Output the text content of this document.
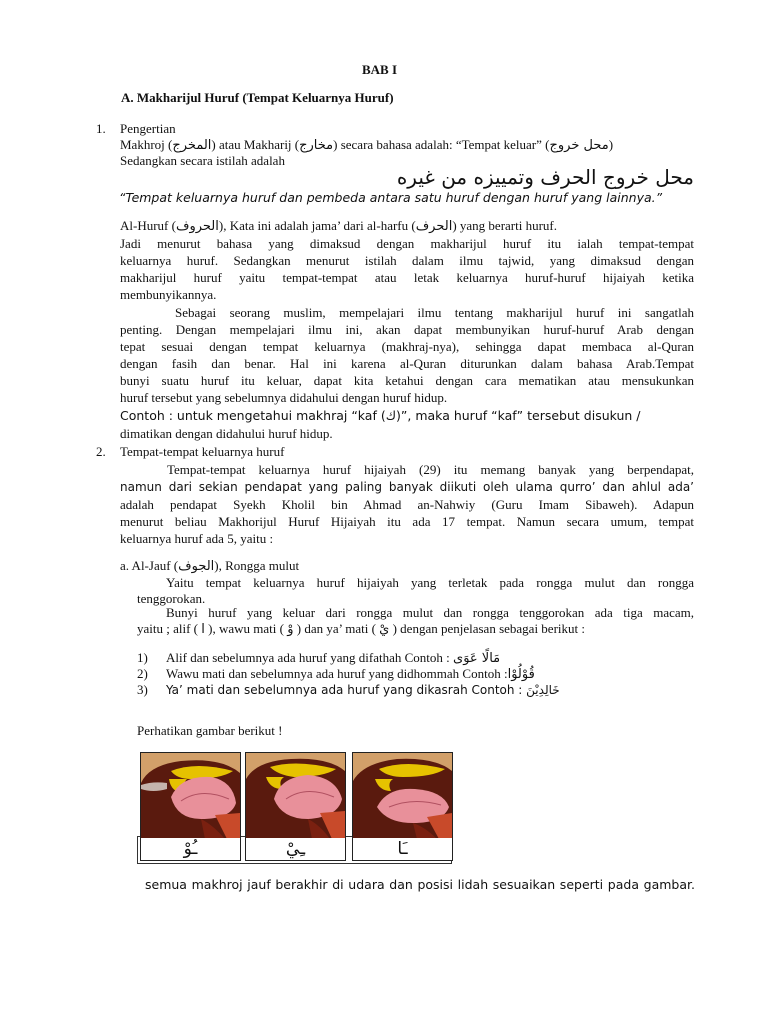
BAB I
A. Makharijul Huruf (Tempat Keluarnya Huruf)
1. Pengertian
Makhroj (المخرج) atau Makharij (مخارج) secara bahasa adalah: “Tempat keluar” (محل خروج)
Sedangkan secara istilah adalah
محل خروج الحرف وتمييزه من غيره
“Tempat keluarnya huruf dan pembeda antara satu huruf dengan huruf yang lainnya.”
Al-Huruf (الحروف), Kata ini adalah jama’ dari al-harfu (الحرف) yang berarti huruf.
Jadi menurut bahasa yang dimaksud dengan makharijul huruf itu ialah tempat-tempat
keluarnya huruf. Sedangkan menurut istilah dalam ilmu tajwid, yang dimaksud dengan
makharijul huruf yaitu tempat-tempat atau letak keluarnya huruf-huruf hijaiyah ketika
membunyikannya.
Sebagai seorang muslim, mempelajari ilmu tentang makharijul huruf ini sangatlah
penting. Dengan mempelajari ilmu ini, akan dapat membunyikan huruf-huruf Arab dengan
tepat sesuai dengan tempat keluarnya (makhraj-nya), sehingga dapat membaca al-Quran
dengan fasih dan benar. Hal ini karena al-Quran diturunkan dalam bahasa Arab.Tempat
bunyi suatu huruf itu keluar, dapat kita ketahui dengan cara mematikan atau mensukunkan
huruf tersebut yang sebelumnya didahului dengan huruf hidup.
Contoh : untuk mengetahui makhraj “kaf (ك)”, maka huruf “kaf” tersebut disukun /
dimatikan dengan didahului huruf hidup.
2. Tempat-tempat keluarnya huruf
Tempat-tempat keluarnya huruf hijaiyah (29) itu memang banyak yang berpendapat,
namun dari sekian pendapat yang paling banyak diikuti oleh ulama qurro’ dan ahlul ada’
adalah pendapat Syekh Kholil bin Ahmad an-Nahwiy (Guru Imam Sibaweh). Adapun
menurut beliau Makhorijul Huruf Hijaiyah itu ada 17 tempat. Namun secara umum, tempat
keluarnya huruf ada 5, yaitu :
a. Al-Jauf (الجوف), Rongga mulut
Yaitu tempat keluarnya huruf hijaiyah yang terletak pada rongga mulut dan rongga
tenggorokan.
Bunyi huruf yang keluar dari rongga mulut dan rongga tenggorokan ada tiga macam,
yaitu ; alif ( ا ), wawu mati ( وْ ) dan ya’ mati ( يْ ) dengan penjelasan sebagai berikut :
1) Alif dan sebelumnya ada huruf yang difathah Contoh : مَالًا عَوَى
2) Wawu mati dan sebelumnya ada huruf yang didhommah Contoh :قُوْلُوْا
3) Ya’ mati dan sebelumnya ada huruf yang dikasrah Contoh : خَالِدِيْنَ
Perhatikan gambar berikut !
ـُوْ	ـِيْ	ـَا
semua makhroj jauf berakhir di udara dan posisi lidah sesuaikan seperti pada gambar.
